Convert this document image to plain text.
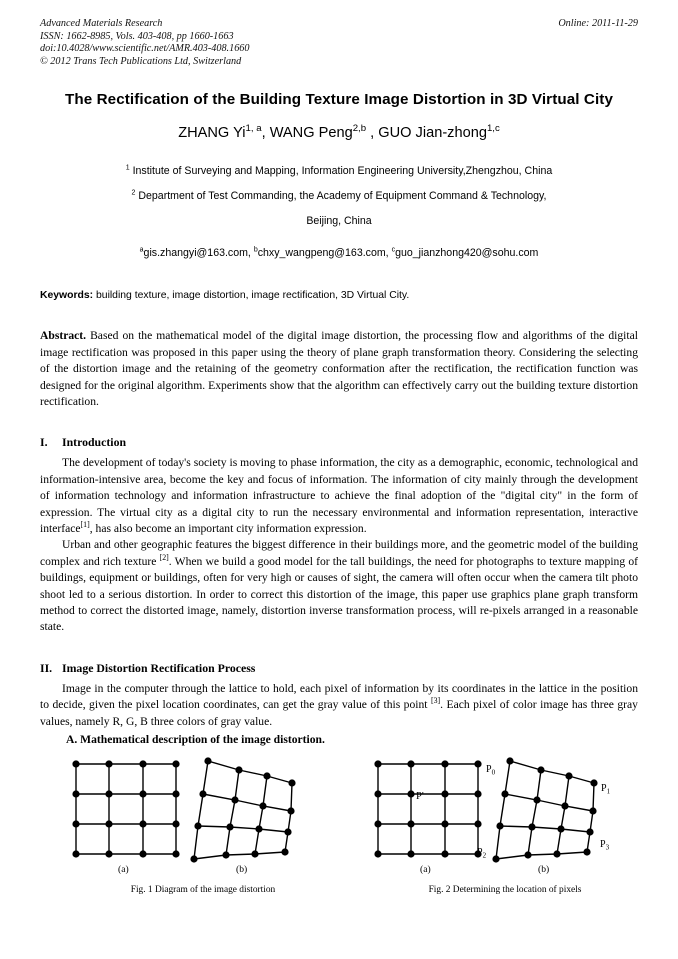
Online: 2011-11-29
Advanced Materials Research
ISSN: 1662-8985, Vols. 403-408, pp 1660-1663
doi:10.4028/www.scientific.net/AMR.403-408.1660
© 2012 Trans Tech Publications Ltd, Switzerland
The Rectification of the Building Texture Image Distortion in 3D Virtual City
ZHANG Yi$^{1, a}$, WANG Peng$^{2,b}$ , GUO Jian-zhong$^{1,c}$
$^1$ Institute of Surveying and Mapping, Information Engineering University,Zhengzhou, China
$^2$ Department of Test Commanding, the Academy of Equipment Command & Technology,
Beijing, China
$^a$gis.zhangyi@163.com, $^b$chxy_wangpeng@163.com, $^c$guo_jianzhong420@sohu.com
Keywords: building texture, image distortion, image rectification, 3D Virtual City.
Abstract. Based on the mathematical model of the digital image distortion, the processing flow and algorithms of the digital image rectification was proposed in this paper using the theory of plane graph transformation theory. Considering the selecting of the distortion image and the retaining of the geometry conformation after the rectification, the rectification function was designed for the original algorithm. Experiments show that the algorithm can effectively carry out the building texture distortion rectification.
I. Introduction
The development of today's society is moving to phase information, the city as a demographic, economic, technological and information-intensive area, become the key and focus of information. The information of city mainly through the development of information technology and information infrastructure to achieve the final adoption of the "digital city" in the form of expression. The virtual city as a digital city to run the necessary environmental and information representation, interactive interface[1], has also become an important city information expression.
Urban and other geographic features the biggest difference in their buildings more, and the geometric model of the building complex and rich texture [2]. When we build a good model for the tall buildings, the need for photographs to texture mapping of buildings, equipment or buildings, often for very high or causes of sight, the camera will often occur when the camera tilt photo shoot led to a serious distortion. In order to correct this distortion of the image, this paper use graphics plane graph transform method to correct the distorted image, namely, distortion inverse transformation process, will re-pixels arranged in a reasonable state.
II. Image Distortion Rectification Process
Image in the computer through the lattice to hold, each pixel of information by its coordinates in the lattice in the position to decide, given the pixel location coordinates, can get the gray value of this point [3]. Each pixel of color image has three gray values, namely R, G, B three colors of gray value.
A. Mathematical description of the image distortion.
(a)	(b)
Fig. 1 Diagram of the image distortion
P'
$P_0$
$P_1$
$P_2$
$P_3$
(a)	(b)
Fig. 2 Determining the location of pixels
